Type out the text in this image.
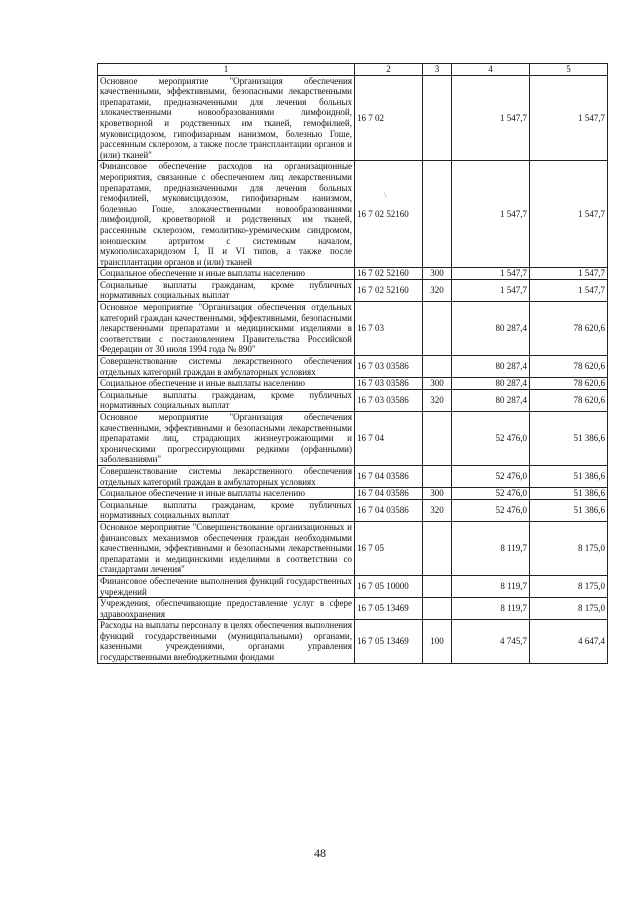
1	2	3	4	5
Основное мероприятие "Организация обеспечения качественными, эффективными, безопасными лекарственными препаратами, предназначенными для лечения больных злокачественными новообразованиями лимфоидной, кроветворной и родственных им тканей, гемофилией, муковисцидозом, гипофизарным нанизмом, болезнью Гоше, рассеянным склерозом, а также после трансплантации органов и (или) тканей"	16 7 02		1 547,7	1 547,7
Финансовое обеспечение расходов на организационные мероприятия, связанные с обеспечением лиц лекарственными препаратами, предназначенными для лечения больных гемофилией, муковисцидозом, гипофизарным нанизмом, болезнью Гоше, злокачественными новообразованиями лимфоидной, кроветворной и родственных им тканей, рассеянным склерозом, гемолитико-уремическим синдромом, юношеским артритом с системным началом, мукополисахаридозом I, II и VI типов, а также после трансплантации органов и (или) тканей	16 7 02 52160		1 547,7	1 547,7
Социальное обеспечение и иные выплаты населению	16 7 02 52160	300	1 547,7	1 547,7
Социальные выплаты гражданам, кроме публичных нормативных социальных выплат	16 7 02 52160	320	1 547,7	1 547,7
Основное мероприятие "Организация обеспечения отдельных категорий граждан качественными, эффективными, безопасными лекарственными препаратами и медицинскими изделиями в соответствии с постановлением Правительства Российской Федерации от 30 июля 1994 года № 890"	16 7 03		80 287,4	78 620,6
Совершенствование системы лекарственного обеспечения отдельных категорий граждан в амбулаторных условиях	16 7 03 03586		80 287,4	78 620,6
Социальное обеспечение и иные выплаты населению	16 7 03 03586	300	80 287,4	78 620,6
Социальные выплаты гражданам, кроме публичных нормативных социальных выплат	16 7 03 03586	320	80 287,4	78 620,6
Основное мероприятие "Организация обеспечения качественными, эффективными и безопасными лекарственными препаратами лиц, страдающих жизнеугрожающими и хроническими прогрессирующими редкими (орфанными) заболеваниями"	16 7 04		52 476,0	51 386,6
Совершенствование системы лекарственного обеспечения отдельных категорий граждан в амбулаторных условиях	16 7 04 03586		52 476,0	51 386,6
Социальное обеспечение и иные выплаты населению	16 7 04 03586	300	52 476,0	51 386,6
Социальные выплаты гражданам, кроме публичных нормативных социальных выплат	16 7 04 03586	320	52 476,0	51 386,6
Основное мероприятие "Совершенствование организационных и финансовых механизмов обеспечения граждан необходимыми качественными, эффективными и безопасными лекарственными препаратами и медицинскими изделиями в соответствии со стандартами лечения"	16 7 05		8 119,7	8 175,0
Финансовое обеспечение выполнения функций государственных учреждений	16 7 05 10000		8 119,7	8 175,0
Учреждения, обеспечивающие предоставление услуг в сфере здравоохранения	16 7 05 13469		8 119,7	8 175,0
Расходы на выплаты персоналу в целях обеспечения выполнения функций государственными (муниципальными) органами, казенными учреждениями, органами управления государственными внебюджетными фондами	16 7 05 13469	100	4 745,7	4 647,4
\
48
